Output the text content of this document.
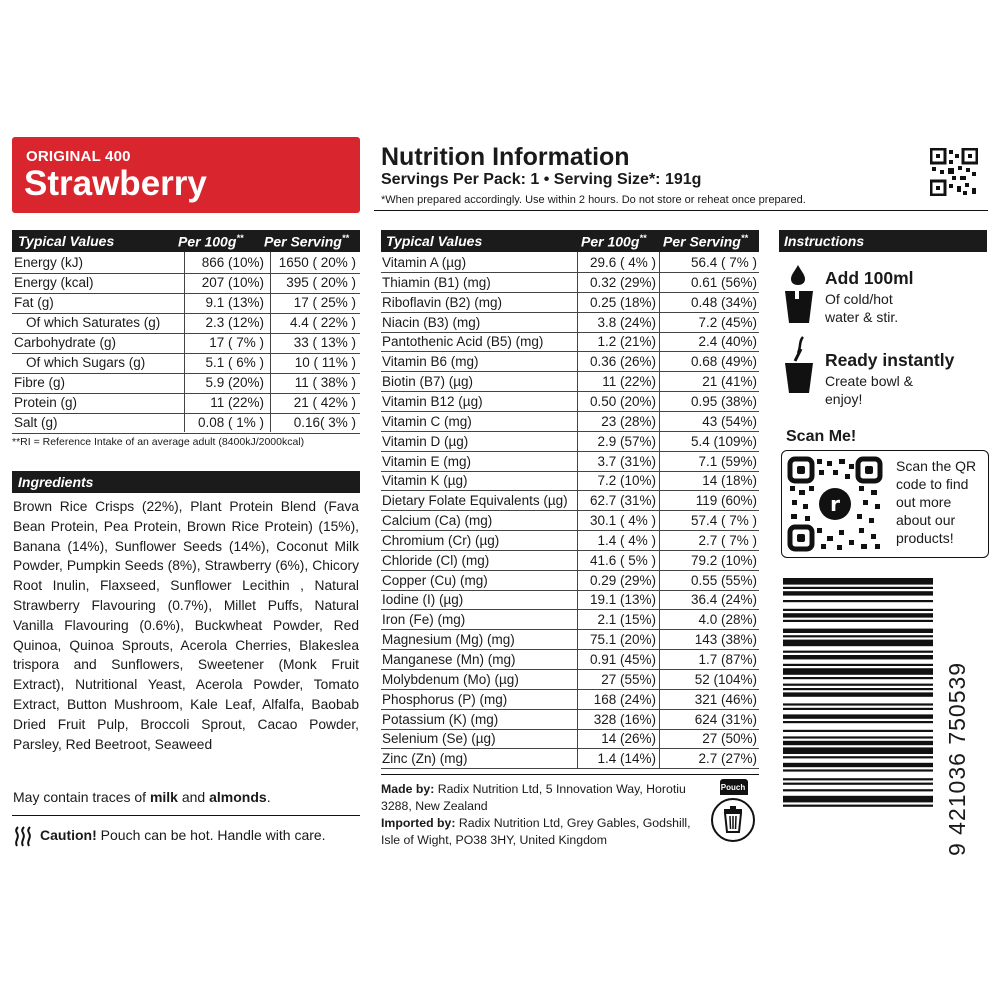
ORIGINAL 400
Strawberry
Nutrition Information
Servings Per Pack: 1 • Serving Size*: 191g
*When prepared accordingly. Use within 2 hours. Do not store or reheat once prepared.
Typical Values	Per 100g** Per Serving**
Energy (kJ)	866 (10%) 1650 ( 20% )
Energy (kcal)	207 (10%) 395 ( 20% )
Fat (g)	9.1 (13%) 17 ( 25% )
Of which Saturates (g)	2.3 (12%) 4.4 ( 22% )
Carbohydrate (g)	17 ( 7% ) 33 ( 13% )
Of which Sugars (g)	5.1 ( 6% ) 10 ( 11% )
Fibre (g)	5.9 (20%) 11 ( 38% )
Protein (g)	11 (22%) 21 ( 42% )
Salt (g)	0.08 ( 1% ) 0.16( 3% )
**RI = Reference Intake of an average adult (8400kJ/2000kcal)
Ingredients
Brown Rice Crisps (22%), Plant Protein Blend (Fava Bean Protein, Pea Protein, Brown Rice Protein) (15%), Banana (14%), Sunflower Seeds (14%), Coconut Milk Powder, Pumpkin Seeds (8%), Strawberry (6%), Chicory Root Inulin, Flaxseed, Sunflower Lecithin , Natural Strawberry Flavouring (0.7%), Millet Puffs, Natural Vanilla Flavouring (0.6%), Buckwheat Powder, Red Quinoa, Quinoa Sprouts, Acerola Cherries, Blakeslea trispora and Sunflowers, Sweetener (Monk Fruit Extract), Nutritional Yeast, Acerola Powder, Tomato Extract, Button Mushroom, Kale Leaf, Alfalfa, Baobab Dried Fruit Pulp, Broccoli Sprout, Cacao Powder, Parsley, Red Beetroot, Seaweed
May contain traces of milk and almonds.
Caution! Pouch can be hot. Handle with care.
Typical Values	Per 100g** Per Serving**
Vitamin A (µg)	29.6 ( 4% )	56.4 ( 7% )
Thiamin (B1) (mg)	0.32 (29%)	0.61 (56%)
Riboflavin (B2) (mg)	0.25 (18%)	0.48 (34%)
Niacin (B3) (mg)	3.8 (24%)	7.2 (45%)
Pantothenic Acid (B5) (mg)	1.2 (21%)	2.4 (40%)
Vitamin B6 (mg)	0.36 (26%)	0.68 (49%)
Biotin (B7) (µg)	11 (22%)	21 (41%)
Vitamin B12 (µg)	0.50 (20%)	0.95 (38%)
Vitamin C (mg)	23 (28%)	43 (54%)
Vitamin D (µg)	2.9 (57%)	5.4 (109%)
Vitamin E (mg)	3.7 (31%)	7.1 (59%)
Vitamin K (µg)	7.2 (10%)	14 (18%)
Dietary Folate Equivalents (µg) 62.7 (31%)	119 (60%)
Calcium (Ca) (mg)	30.1 ( 4% )	57.4 ( 7% )
Chromium (Cr) (µg)	1.4 ( 4% )	2.7 ( 7% )
Chloride (Cl) (mg)	41.6 ( 5% )	79.2 (10%)
Copper (Cu) (mg)	0.29 (29%)	0.55 (55%)
Iodine (I) (µg)	19.1 (13%)	36.4 (24%)
Iron (Fe) (mg)	2.1 (15%)	4.0 (28%)
Magnesium (Mg) (mg)	75.1 (20%)	143 (38%)
Manganese (Mn) (mg)	0.91 (45%)	1.7 (87%)
Molybdenum (Mo) (µg)	27 (55%)	52 (104%)
Phosphorus (P) (mg)	168 (24%)	321 (46%)
Potassium (K) (mg)	328 (16%)	624 (31%)
Selenium (Se) (µg)	14 (26%)	27 (50%)
Zinc (Zn) (mg)	1.4 (14%)	2.7 (27%)
Made by: Radix Nutrition Ltd, 5 Innovation Way, Horotiu 3288, New Zealand
Imported by: Radix Nutrition Ltd, Grey Gables, Godshill, Isle of Wight, PO38 3HY, United Kingdom
Pouch
Instructions
Add 100ml
Of cold/hot water & stir.
Ready instantly
Create bowl & enjoy!
Scan Me!
r
Scan the QR code to find out more about our products!
9 421036 750539
